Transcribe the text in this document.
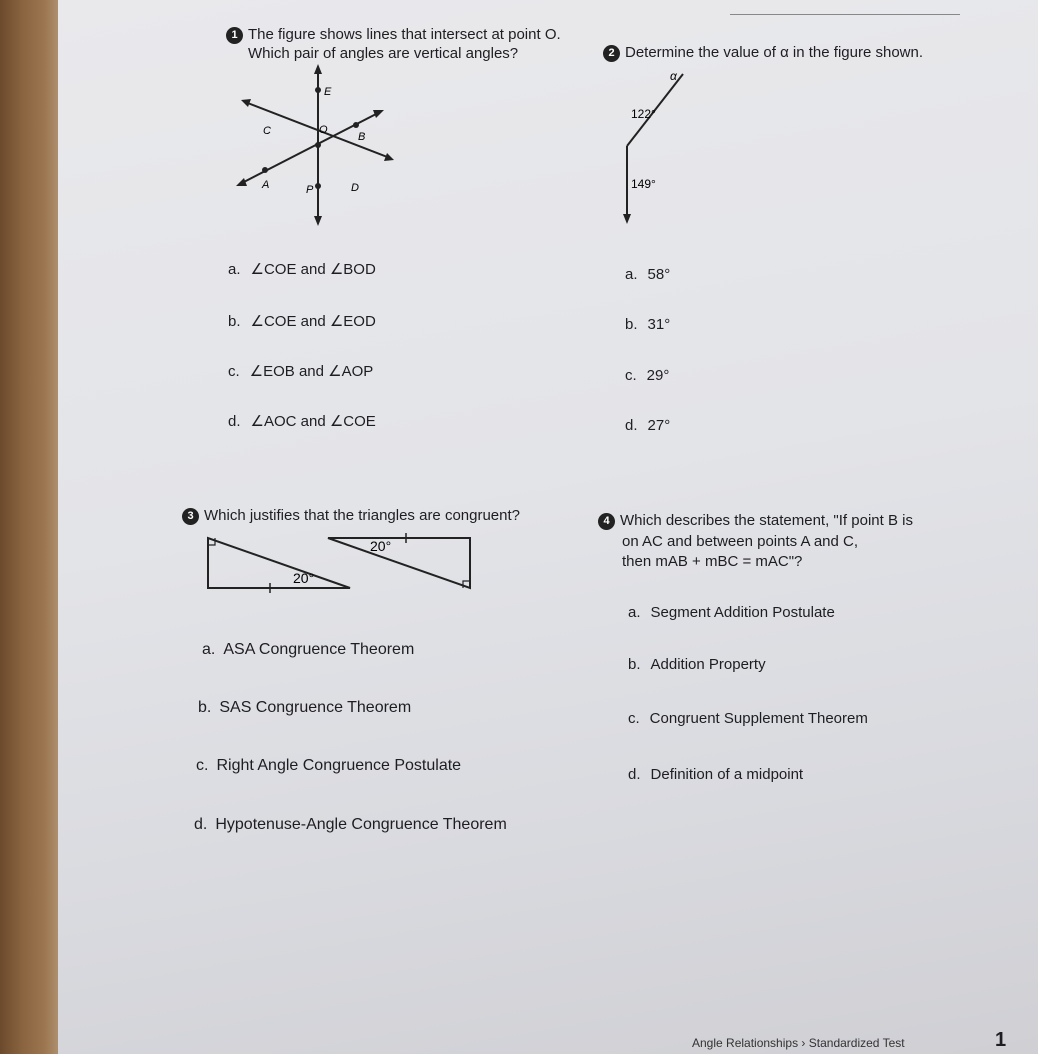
1 The figure shows lines that intersect at point O.
Which pair of angles are vertical angles?
E
C	O
B
A	P	D
a. ∠COE and ∠BOD
b. ∠COE and ∠EOD
c. ∠EOB and ∠AOP
d. ∠AOC and ∠COE
2 Determine the value of α in the figure shown.
α
122°
149°
a. 58°
b. 31°
c. 29°
d. 27°
3 Which justifies that the triangles are congruent?
20°
20°
a. ASA Congruence Theorem
b. SAS Congruence Theorem
c. Right Angle Congruence Postulate
d. Hypotenuse-Angle Congruence Theorem
4 Which describes the statement, "If point B is
on AC and between points A and C,
then mAB + mBC = mAC"?
a. Segment Addition Postulate
b. Addition Property
c. Congruent Supplement Theorem
d. Definition of a midpoint
Angle Relationships › Standardized Test	1
